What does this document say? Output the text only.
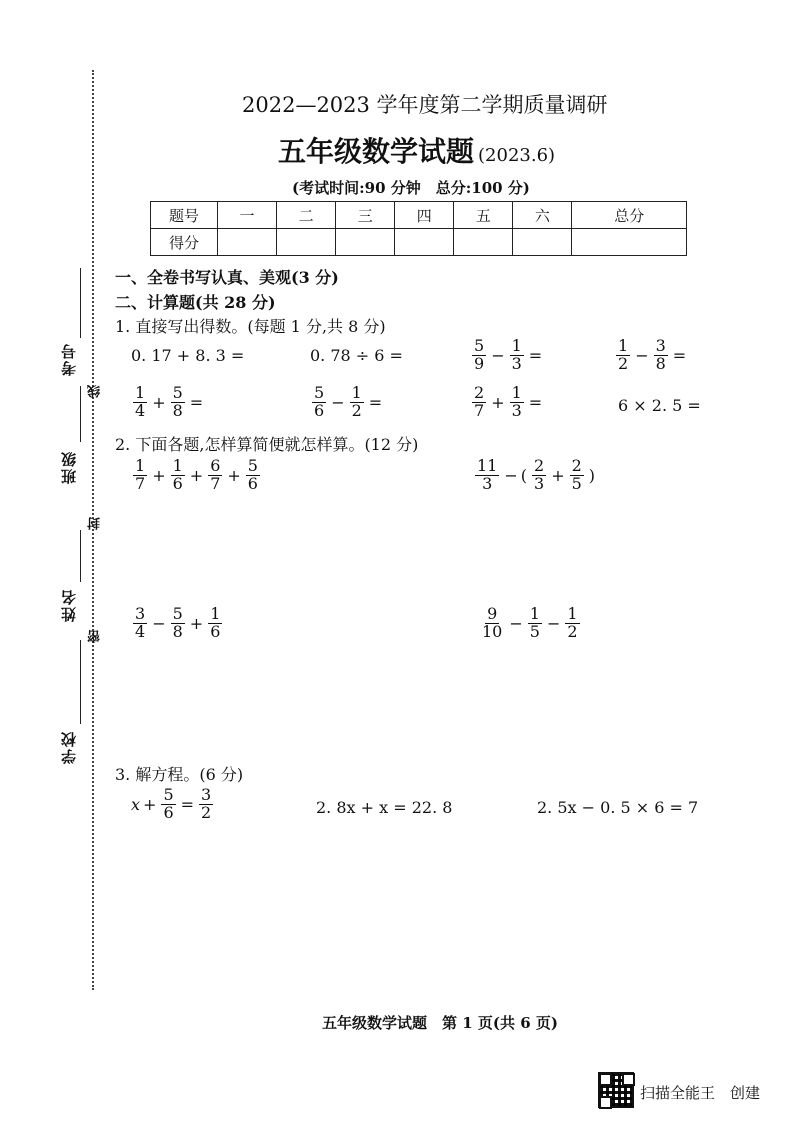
考号
线
班级
封
姓名
密
学校
2022—2023 学年度第二学期质量调研
五年级数学试题 (2023.6)
(考试时间:90 分钟　总分:100 分)
题号	一	二	三	四	五	六	总分
得分							
一、全卷书写认真、美观(3 分)
二、计算题(共 28 分)
1. 直接写出得数。(每题 1 分,共 8 分)
0. 17 + 8. 3 =	0. 78 ÷ 6 =	$\frac{5}{9} - \frac{1}{3}$ =	$\frac{1}{2} - \frac{3}{8}$ =
$\frac{1}{4} + \frac{5}{8}$ =	$\frac{5}{6} - \frac{1}{2}$ =	$\frac{2}{7} + \frac{1}{3}$ =	6 × 2. 5 =
2. 下面各题,怎样算简便就怎样算。(12 分)
$\frac{1}{7} + \frac{1}{6} + \frac{6}{7} + \frac{5}{6}$	$\frac{11}{3}$ − ( $\frac{2}{3} + \frac{2}{5}$ )
$\frac{3}{4} - \frac{5}{8} + \frac{1}{6}$	$\frac{9}{10} - \frac{1}{5} - \frac{1}{2}$
3. 解方程。(6 分)
$x + \frac{5}{6} = \frac{3}{2}$	2. 8x + x = 22. 8	2. 5x − 0. 5 × 6 = 7
五年级数学试题　第 1 页(共 6 页)
扫描全能王　创建
